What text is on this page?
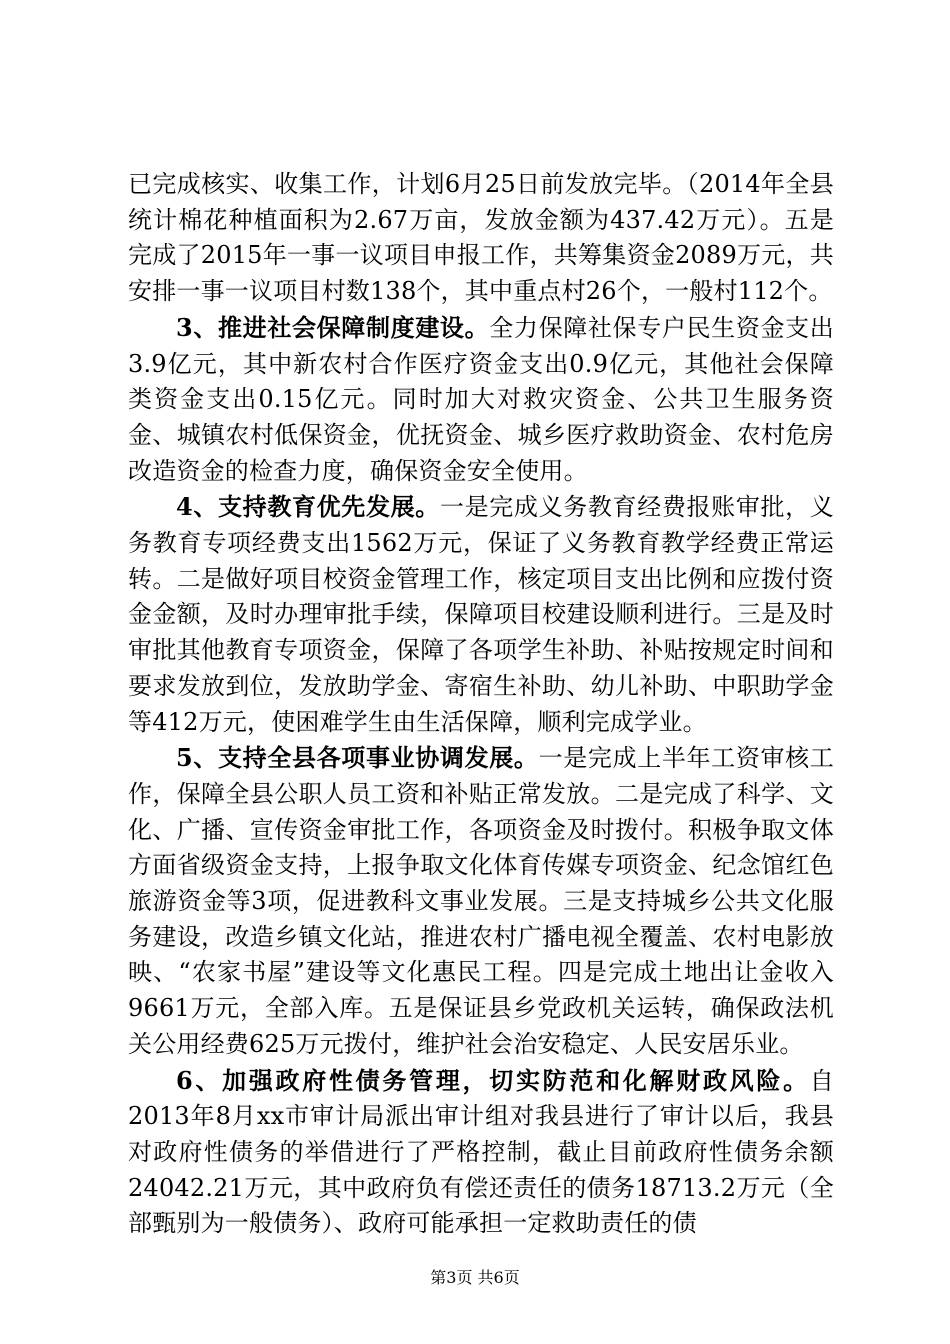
已完成核实、收集工作，计划6月25日前发放完毕。（2014年全县统计棉花种植面积为2.67万亩，发放金额为437.42万元）。五是完成了2015年一事一议项目申报工作，共筹集资金2089万元，共安排一事一议项目村数138个，其中重点村26个，一般村112个。

3、推进社会保障制度建设。全力保障社保专户民生资金支出3.9亿元，其中新农村合作医疗资金支出0.9亿元，其他社会保障类资金支出0.15亿元。同时加大对救灾资金、公共卫生服务资金、城镇农村低保资金，优抚资金、城乡医疗救助资金、农村危房改造资金的检查力度，确保资金安全使用。

4、支持教育优先发展。一是完成义务教育经费报账审批，义务教育专项经费支出1562万元，保证了义务教育教学经费正常运转。二是做好项目校资金管理工作，核定项目支出比例和应拨付资金金额，及时办理审批手续，保障项目校建设顺利进行。三是及时审批其他教育专项资金，保障了各项学生补助、补贴按规定时间和要求发放到位，发放助学金、寄宿生补助、幼儿补助、中职助学金等412万元，使困难学生由生活保障，顺利完成学业。

5、支持全县各项事业协调发展。一是完成上半年工资审核工作，保障全县公职人员工资和补贴正常发放。二是完成了科学、文化、广播、宣传资金审批工作，各项资金及时拨付。积极争取文体方面省级资金支持，上报争取文化体育传媒专项资金、纪念馆红色旅游资金等3项，促进教科文事业发展。三是支持城乡公共文化服务建设，改造乡镇文化站，推进农村广播电视全覆盖、农村电影放映、“农家书屋”建设等文化惠民工程。四是完成土地出让金收入9661万元，全部入库。五是保证县乡党政机关运转，确保政法机关公用经费625万元拨付，维护社会治安稳定、人民安居乐业。

6、加强政府性债务管理，切实防范和化解财政风险。自2013年8月xx市审计局派出审计组对我县进行了审计以后，我县对政府性债务的举借进行了严格控制，截止目前政府性债务余额24042.21万元，其中政府负有偿还责任的债务18713.2万元（全部甄别为一般债务）、政府可能承担一定救助责任的债

第3页 共6页
